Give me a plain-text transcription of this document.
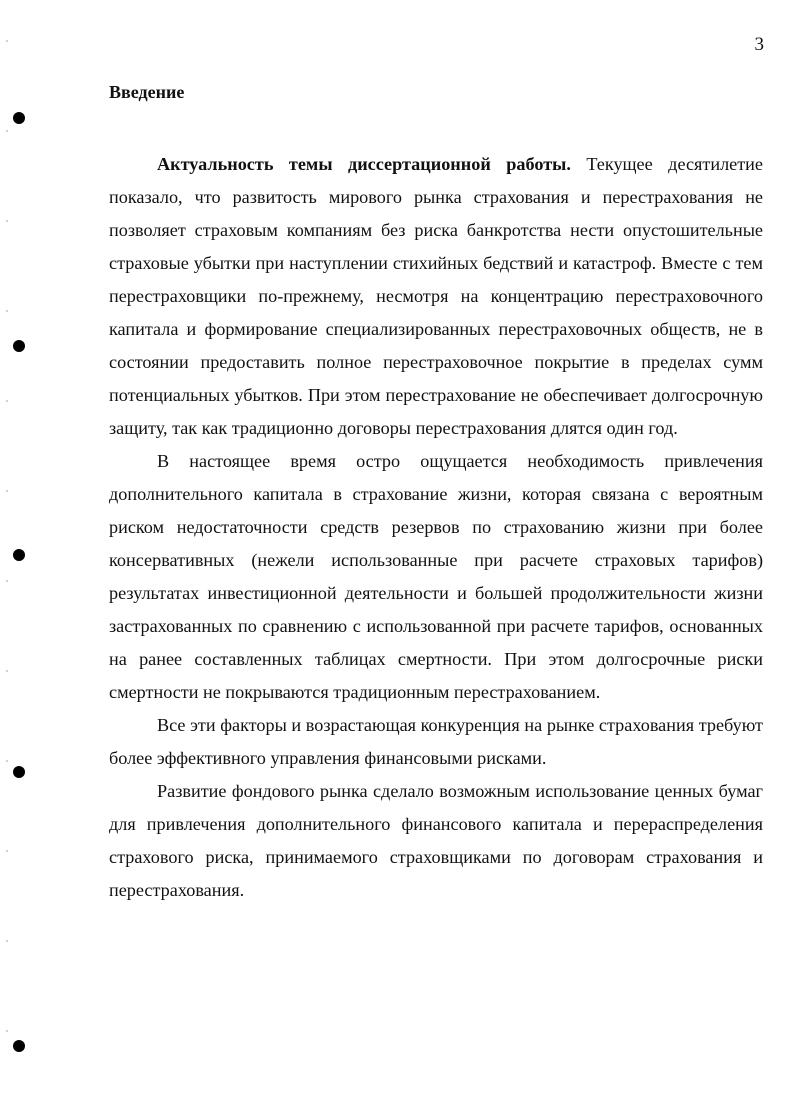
3
Введение

Актуальность темы диссертационной работы. Текущее десятилетие показало, что развитость мирового рынка страхования и перестрахования не позволяет страховым компаниям без риска банкротства нести опустошительные страховые убытки при наступлении стихийных бедствий и катастроф. Вместе с тем перестраховщики по-прежнему, несмотря на концентрацию перестраховочного капитала и формирование специализированных перестраховочных обществ, не в состоянии предоставить полное перестраховочное покрытие в пределах сумм потенциальных убытков. При этом перестрахование не обеспечивает долгосрочную защиту, так как традиционно договоры перестрахования длятся один год.

В настоящее время остро ощущается необходимость привлечения дополнительного капитала в страхование жизни, которая связана с вероятным риском недостаточности средств резервов по страхованию жизни при более консервативных (нежели использованные при расчете страховых тарифов) результатах инвестиционной деятельности и большей продолжительности жизни застрахованных по сравнению с использованной при расчете тарифов, основанных на ранее составленных таблицах смертности. При этом долгосрочные риски смертности не покрываются традиционным перестрахованием.

Все эти факторы и возрастающая конкуренция на рынке страхования требуют более эффективного управления финансовыми рисками.

Развитие фондового рынка сделало возможным использование ценных бумаг для привлечения дополнительного финансового капитала и перераспределения страхового риска, принимаемого страховщиками по договорам страхования и перестрахования.
